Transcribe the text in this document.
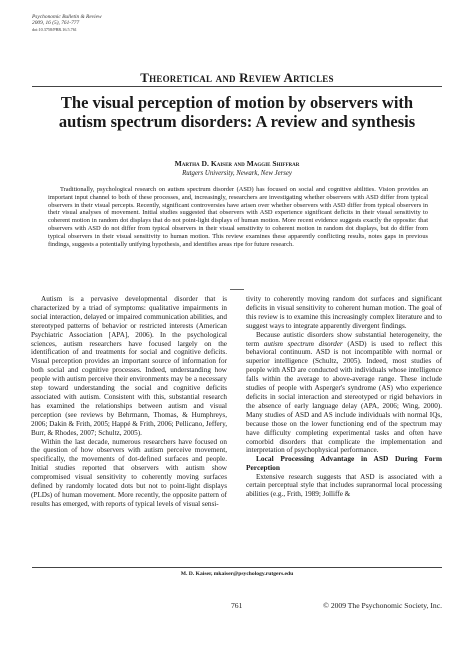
Psychonomic Bulletin & Review
2009, 16 (5), 761-777
doi:10.3758/PBR.16.5.761
Theoretical and Review Articles
The visual perception of motion by observers with autism spectrum disorders: A review and synthesis
Martha D. Kaiser and Maggie Shiffrar
Rutgers University, Newark, New Jersey
Traditionally, psychological research on autism spectrum disorder (ASD) has focused on social and cognitive abilities. Vision provides an important input channel to both of these processes, and, increasingly, researchers are investigating whether observers with ASD differ from typical observers in their visual percepts. Recently, significant controversies have arisen over whether observers with ASD differ from typical observers in their visual analyses of movement. Initial studies suggested that observers with ASD experience significant deficits in their visual sensitivity to coherent motion in random dot displays that do not point-light displays of human motion. More recent evidence suggests exactly the opposite: that observers with ASD do not differ from typical observers in their visual sensitivity to coherent motion in random dot displays, but do differ from typical observers in their visual sensitivity to human motion. This review examines these apparently conflicting results, notes gaps in previous findings, suggests a potentially unifying hypothesis, and identifies areas ripe for future research.

Autism is a pervasive developmental disorder that is characterized by a triad of symptoms: qualitative impairments in social interaction, delayed or impaired communication abilities, and stereotyped patterns of behavior or restricted interests (American Psychiatric Association [APA], 2006). In the psychological sciences, autism researchers have focused largely on the identification of and treatments for social and cognitive deficits. Visual perception provides an important source of information for both social and cognitive processes. Indeed, understanding how people with autism perceive their environments may be a necessary step toward understanding the social and cognitive deficits associated with autism. Consistent with this, substantial research has examined the relationships between autism and visual perception (see reviews by Behrmann, Thomas, & Humphreys, 2006; Dakin & Frith, 2005; Happé & Frith, 2006; Pellicano, Jeffery, Burr, & Rhodes, 2007; Schultz, 2005).

Within the last decade, numerous researchers have focused on the question of how observers with autism perceive movement, specifically, the movements of dot-defined surfaces and people. Initial studies reported that observers with autism show compromised visual sensitivity to coherently moving surfaces defined by randomly located dots but not to point-light displays (PLDs) of human movement. More recently, the opposite pattern of results has emerged, with reports of typical levels of visual sensi-

tivity to coherently moving random dot surfaces and significant deficits in visual sensitivity to coherent human motion. The goal of this review is to examine this increasingly complex literature and to suggest ways to integrate apparently divergent findings.

Because autistic disorders show substantial heterogeneity, the term autism spectrum disorder (ASD) is used to reflect this behavioral continuum. ASD is not incompatible with normal or superior intelligence (Schultz, 2005). Indeed, most studies of people with ASD are conducted with individuals whose intelligence falls within the average to above-average range. These include studies of people with Asperger's syndrome (AS) who experience deficits in social interaction and stereotyped or rigid behaviors in the absence of early language delay (APA, 2006; Wing, 2000). Many studies of ASD and AS include individuals with normal IQs, because those on the lower functioning end of the spectrum may have difficulty completing experimental tasks and often have comorbid disorders that complicate the implementation and interpretation of psychophysical performance.

Local Processing Advantage in ASD During Form Perception

Extensive research suggests that ASD is associated with a certain perceptual style that includes supranormal local processing abilities (e.g., Frith, 1989; Jolliffe &

M. D. Kaiser, mkaiser@psychology.rutgers.edu
761	© 2009 The Psychonomic Society, Inc.
